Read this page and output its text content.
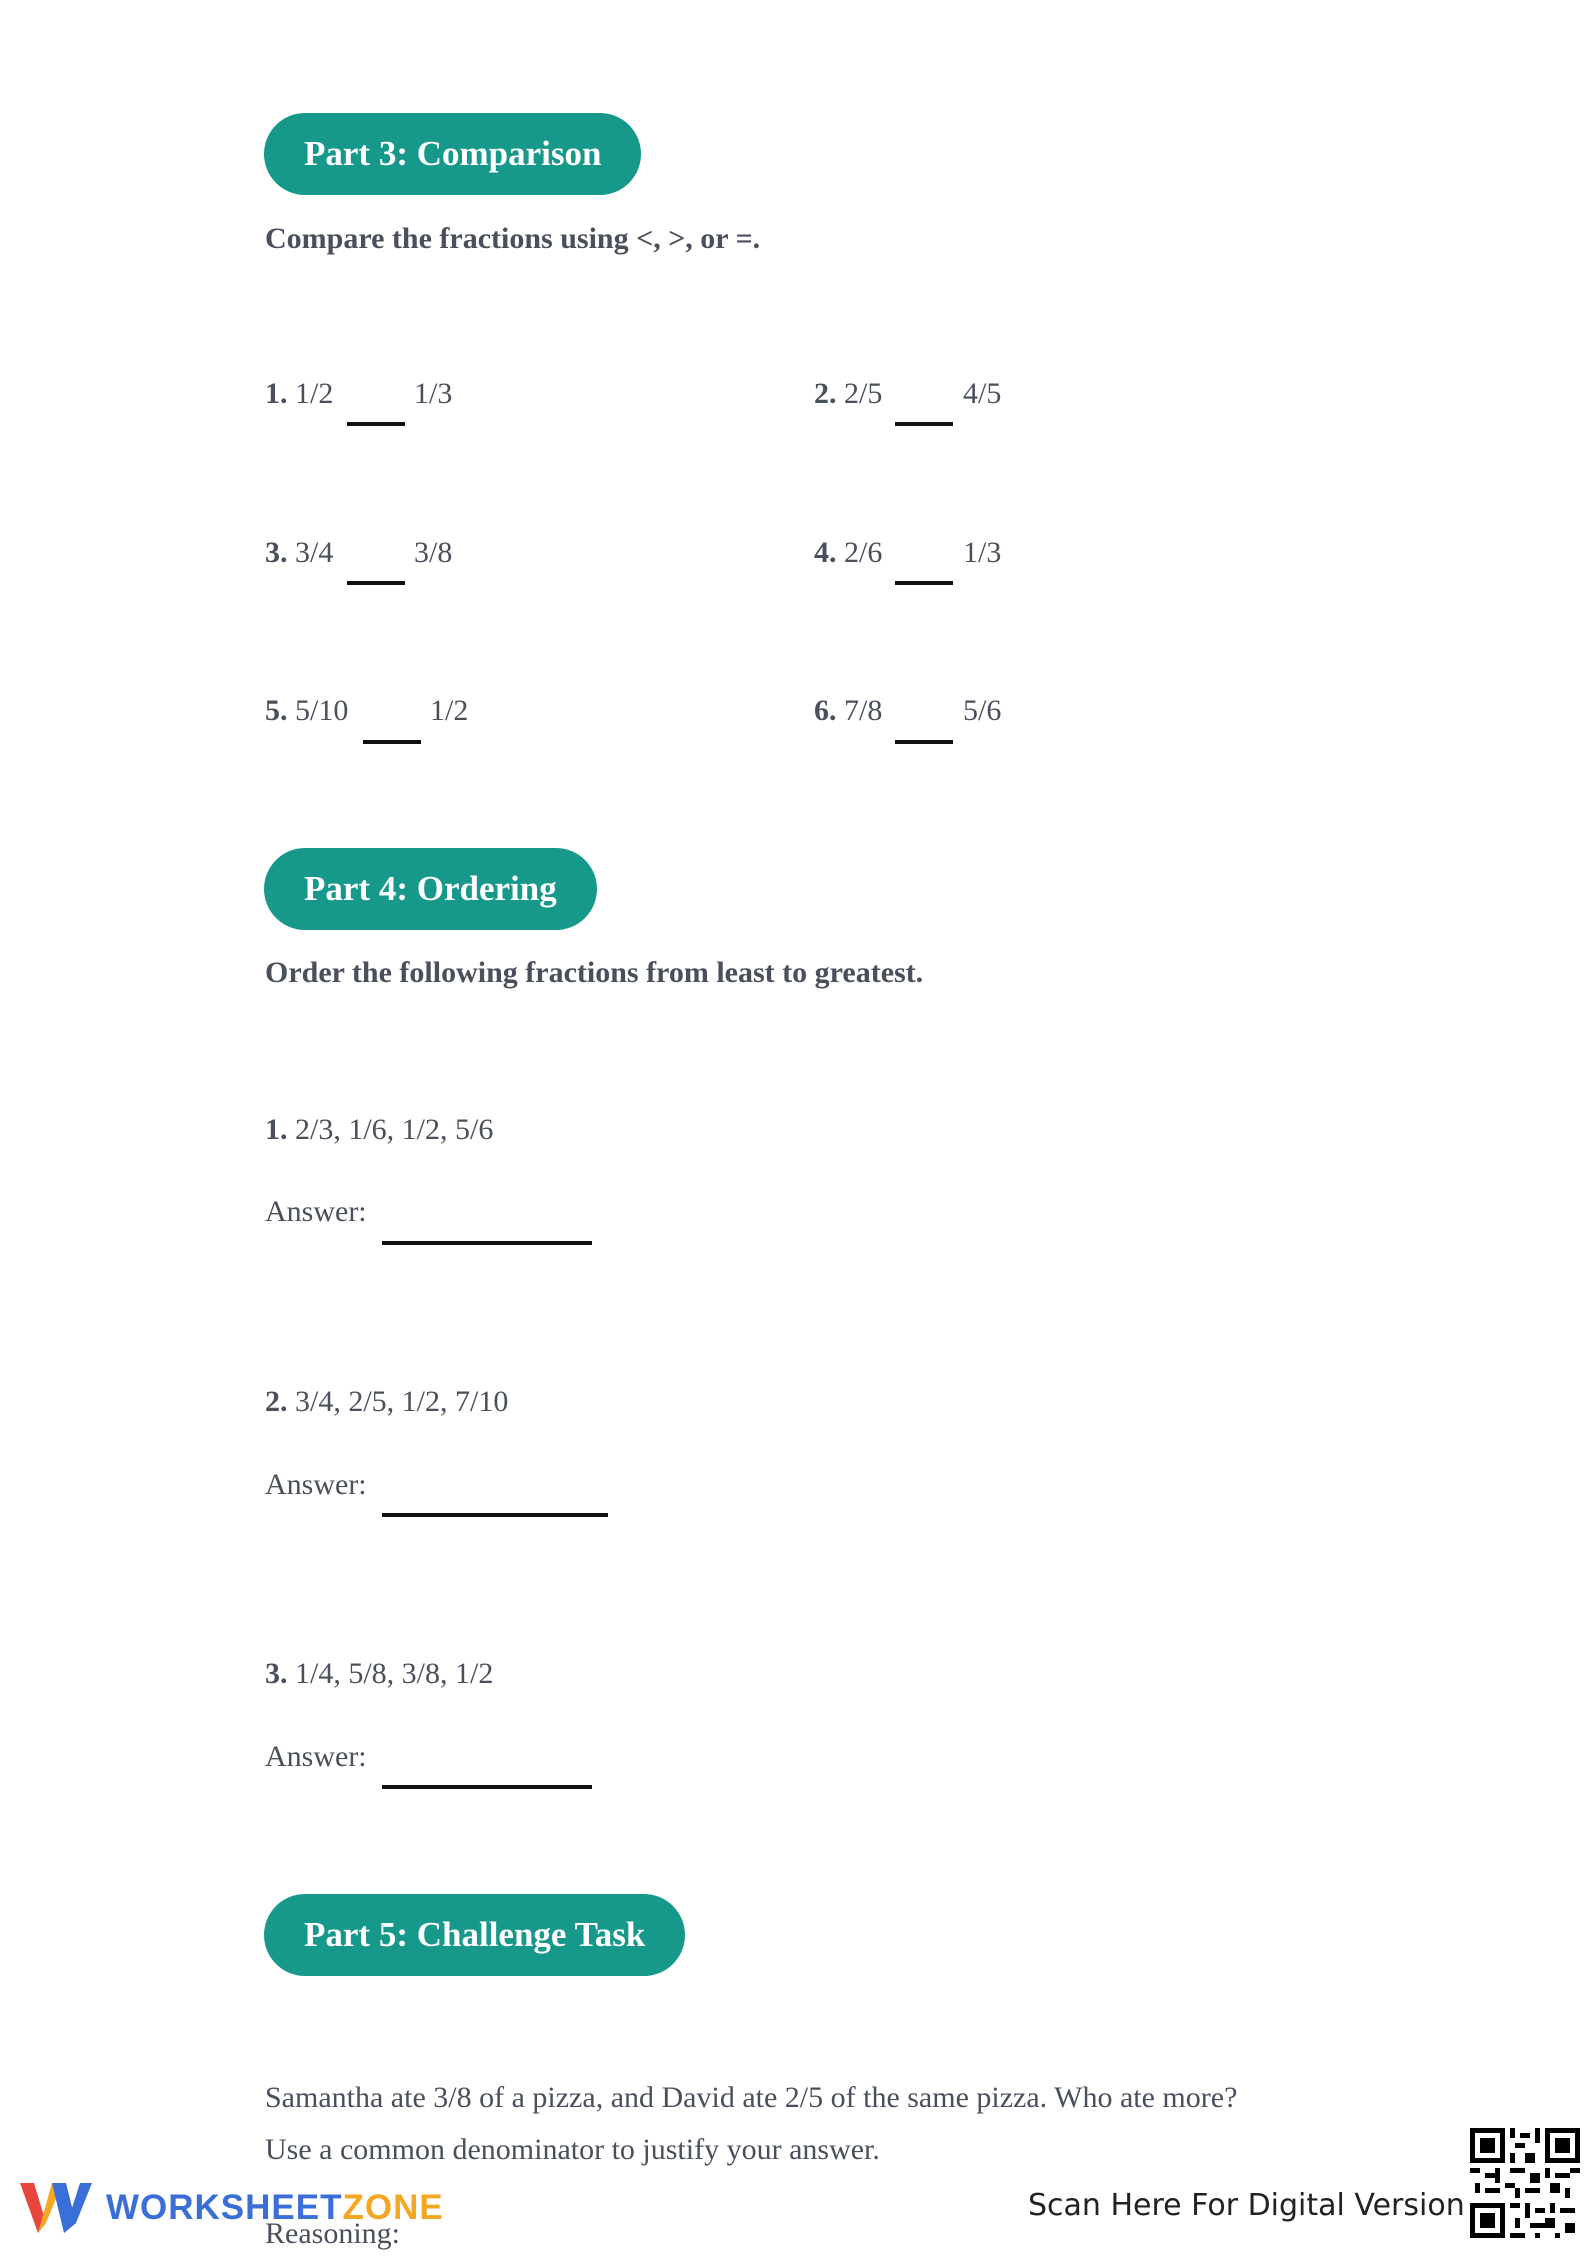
Part 3: Comparison
Compare the fractions using <, >, or =.
1. 1/2	1/3	2. 2/5	4/5
3. 3/4	3/8	4. 2/6	1/3
5. 5/10	1/2	6. 7/8	5/6
Part 4: Ordering
Order the following fractions from least to greatest.
1. 2/3, 1/6, 1/2, 5/6
Answer:
2. 3/4, 2/5, 1/2, 7/10
Answer:
3. 1/4, 5/8, 3/8, 1/2
Answer:
Part 5: Challenge Task
Samantha ate 3/8 of a pizza, and David ate 2/5 of the same pizza. Who ate more?
Use a common denominator to justify your answer.
Reasoning:
WORKSHEETZONE	Scan Here For Digital Version
